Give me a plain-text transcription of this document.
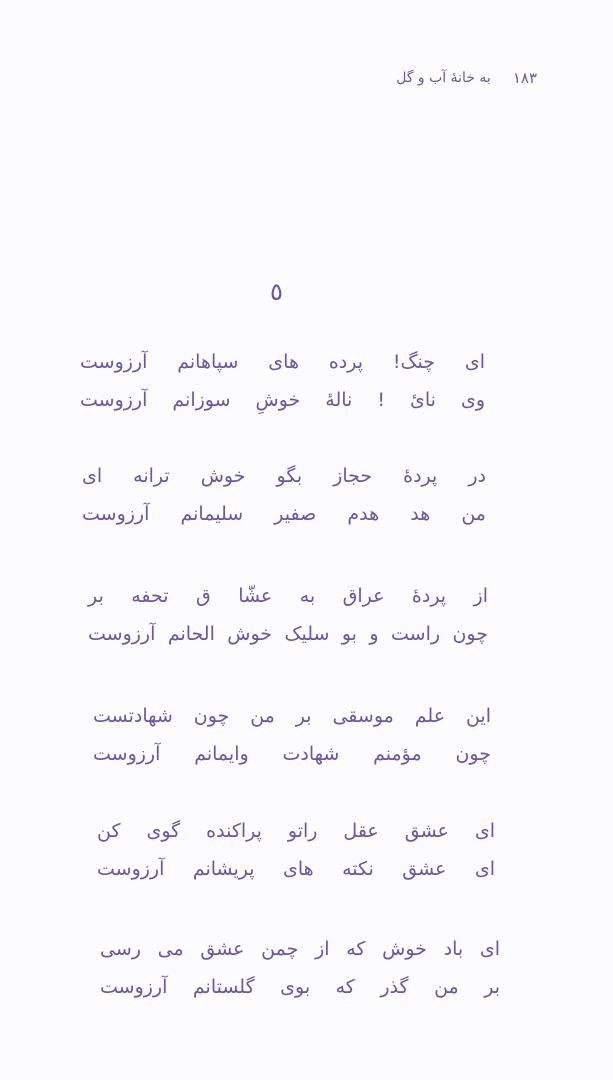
۱۸۳
به خانهٔ آب و گل
٥
ای چنگ! پرده های سپاهانم آرزوست
وی نائ ! نالهٔ خوشِ سوزانم آرزوست
در پردهٔ حجاز بگو خوش ترانه ای
من هد هدم صفیر سلیمانم آرزوست
از پردهٔ عراق به عشّا ق تحفه بر
چون راست و بو سلیک خوش الحانم آرزوست
این علم موسقی بر من چون شهادتست
چون مؤمنم شهادت وایمانم آرزوست
ای عشق عقل راتو پراکنده گوی کن
ای عشق نکته های پریشانم آرزوست
ای باد خوش که از چمن عشق می رسی
بر من گذر که بوی گلستانم آرزوست
